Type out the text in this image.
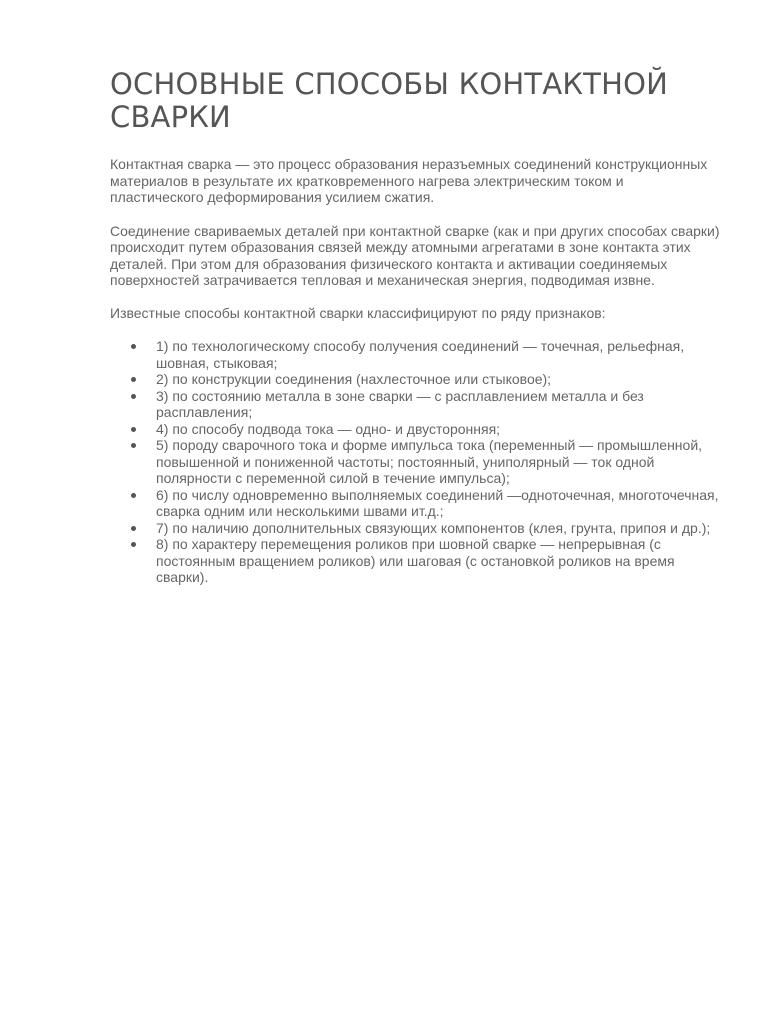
ОСНОВНЫЕ СПОСОБЫ КОНТАКТНОЙ СВАРКИ

Контактная сварка — это процесс образования неразъемных соединений конструкционных материалов в результате их кратковременного нагрева электрическим током и пластического деформирования усилием сжатия.

Соединение свариваемых деталей при контактной сварке (как и при других способах сварки) происходит путем образования связей между атомными агрегатами в зоне контакта этих деталей. При этом для образования физического контакта и активации соединяемых поверхностей затрачивается тепловая и механическая энергия, подводимая извне.

Известные способы контактной сварки классифицируют по ряду признаков:

1) по технологическому способу получения соединений — точечная, рельефная, шовная, стыковая;
2) по конструкции соединения (нахлесточное или стыковое);
3) по состоянию металла в зоне сварки — с расплавлением металла и без расплавления;
4) по способу подвода тока — одно- и двусторонняя;
5) породу сварочного тока и форме импульса тока (переменный — промышленной, повышенной и пониженной частоты; постоянный, униполярный — ток одной полярности с переменной силой в течение импульса);
6) по числу одновременно выполняемых соединений —одноточечная, многоточечная, сварка одним или несколькими швами ит.д.;
7) по наличию дополнительных связующих компонентов (клея, грунта, припоя и др.);
8) по характеру перемещения роликов при шовной сварке — непрерывная (с постоянным вращением роликов) или шаговая (с остановкой роликов на время сварки).
